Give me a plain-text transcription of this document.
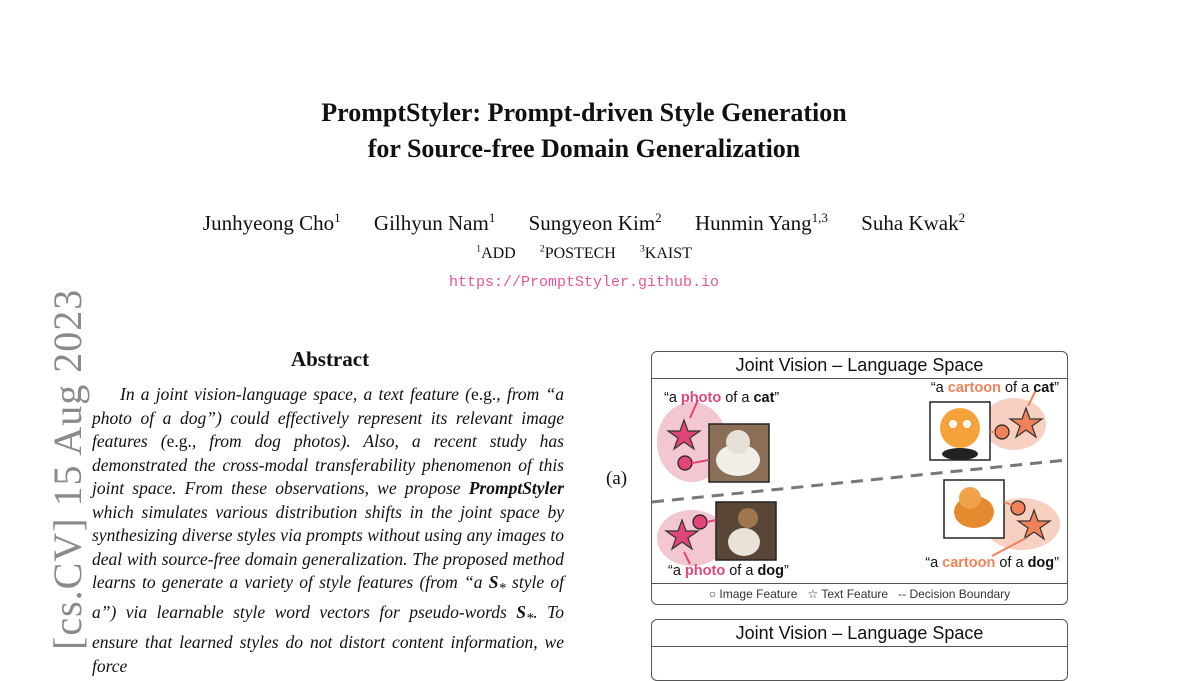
[cs.CV] 15 Aug 2023
PromptStyler: Prompt-driven Style Generation
for Source-free Domain Generalization
Junhyeong Cho$^1$ Gilhyun Nam$^1$ Sungyeon Kim$^2$ Hunmin Yang$^{1,3}$ Suha Kwak$^2$
$^1$ADD $^2$POSTECH $^3$KAIST
https://PromptStyler.github.io
Abstract

In a joint vision-language space, a text feature (e.g., from “a photo of a dog”) could effectively represent its relevant image features (e.g., from dog photos). Also, a recent study has demonstrated the cross-modal transferability phenomenon of this joint space. From these observations, we propose PromptStyler which simulates various distribution shifts in the joint space by synthesizing diverse styles via prompts without using any images to deal with source-free domain generalization. The proposed method learns to generate a variety of style features (from “a $S_*$ style of a”) via learnable style word vectors for pseudo-words $S_*$. To ensure that learned styles do not distort content information, we force

(a)
Joint Vision – Language Space
“a photo of a cat”
“a cartoon of a cat”
“a photo of a dog”	“a cartoon of a dog”
○ Image Feature ☆ Text Feature -- Decision Boundary
Joint Vision – Language Space
